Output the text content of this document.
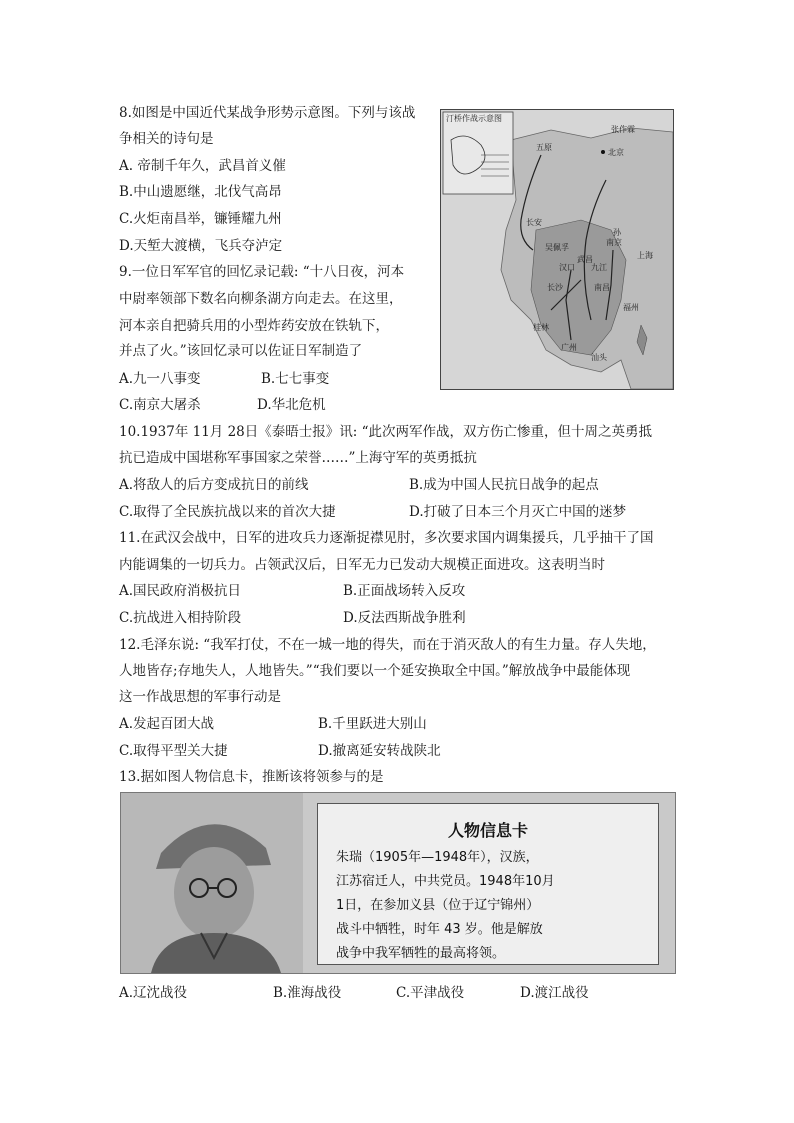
8.如图是中国近代某战争形势示意图。下列与该战
争相关的诗句是
A. 帝制千年久，武昌首义催
B.中山遗愿继，北伐气高昂
C.火炬南昌举，镰锤耀九州
D.天堑大渡横，飞兵夺泸定
汀桥作战示意图
北京
五原
张作霖
长安
吴佩孚
孙
汉口
南京
九江
上海
武昌
南昌
长沙
桂林
广州
福州
汕头
9.一位日军军官的回忆录记载: “十八日夜，河本
中尉率领部下数名向柳条湖方向走去。在这里，
河本亲自把骑兵用的小型炸药安放在铁轨下，
并点了火。”该回忆录可以佐证日军制造了
A.九一八事变	B.七七事变
C.南京大屠杀	D.华北危机
10.1937年 11月 28日《泰晤士报》讯: “此次两军作战，双方伤亡惨重，但十周之英勇抵
抗已造成中国堪称军事国家之荣誉……”上海守军的英勇抵抗
A.将敌人的后方变成抗日的前线	B.成为中国人民抗日战争的起点
C.取得了全民族抗战以来的首次大捷	D.打破了日本三个月灭亡中国的迷梦
11.在武汉会战中，日军的进攻兵力逐渐捉襟见肘，多次要求国内调集援兵，几乎抽干了国
内能调集的一切兵力。占领武汉后，日军无力已发动大规模正面进攻。这表明当时
A.国民政府消极抗日	B.正面战场转入反攻
C.抗战进入相持阶段	D.反法西斯战争胜利
12.毛泽东说: “我军打仗，不在一城一地的得失，而在于消灭敌人的有生力量。存人失地，
人地皆存;存地失人，人地皆失。”“我们要以一个延安换取全中国。”解放战争中最能体现
这一作战思想的军事行动是
A.发起百团大战	B.千里跃进大别山
C.取得平型关大捷	D.撤离延安转战陕北
13.据如图人物信息卡，推断该将领参与的是
人物信息卡
朱瑞（1905年—1948年），汉族，
江苏宿迁人，中共党员。1948年10月
1日，在参加义县（位于辽宁锦州）
战斗中牺牲，时年 43 岁。他是解放
战争中我军牺牲的最高将领。
A.辽沈战役	B.淮海战役	C.平津战役	D.渡江战役
